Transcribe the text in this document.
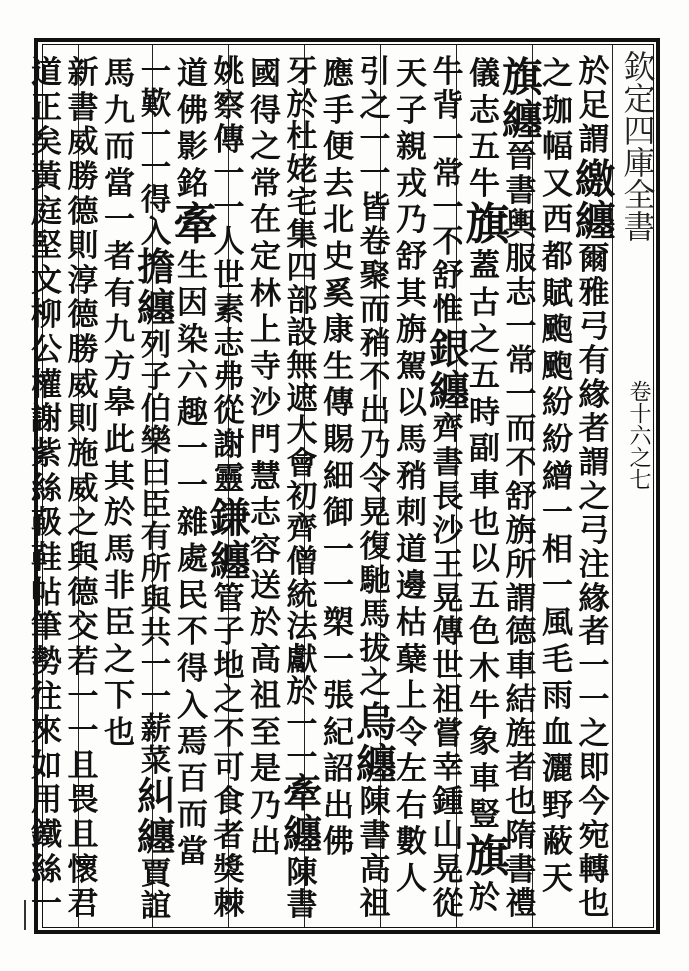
欽定四庫全書
卷十六之七
於
足
謂
繳
纏
爾
雅
弓
有
緣
者
謂
之
弓
注
緣
者
一
一
之
即
今
宛
轉
也
之
珈
幅
又
西
都
賦
颮
颮
紛
紛
繒
一
相
一
風
毛
雨
血
灑
野
蔽
天
旗
纏
晉
書
輿
服
志
一
常
一
而
不
舒
旃
所
謂
德
車
結
旌
者
也
隋
書
禮
儀
志
五
牛
旗
蓋
古
之
五
時
副
車
也
以
五
色
木
牛
象
車
豎
旗
於
牛
背
一
常
一
不
舒
惟
銀
纏
齊
書
長
沙
王
晃
傳
世
祖
嘗
幸
鍾
山
晃
從
天
子
親
戎
乃
舒
其
旃
駕
以
馬
矟
刺
道
邊
枯
蘖
上
令
左
右
數
人
引
之
一
一
皆
卷
聚
而
矟
不
出
乃
令
晃
復
馳
馬
拔
之
烏
纏
陳
書
高
祖
應
手
便
去
北
史
奚
康
生
傳
賜
細
御
一
一
槊
一
張
紀
詔
出
佛
牙
於
杜
姥
宅
集
四
部
設
無
遮
大
會
初
齊
僧
統
法
獻
於
一
一
牽
纏
陳
書
國
得
之
常
在
定
林
上
寺
沙
門
慧
志
容
送
於
高
祖
至
是
乃
出
姚
察
傳
一
一
人
世
素
志
弗
從
謝
靈
鎌
纏
管
子
地
之
不
可
食
者
獎
棘
道
佛
影
銘
牽
生
因
染
六
趣
一
一
雜
處
民
不
得
入
焉
百
而
當
一
歎
一
一
得
入
擔
纏
列
子
伯
樂
曰
臣
有
所
與
共
一
一
薪
菜
糾
纏
賈
誼
馬
九
而
當
一
者
有
九
方
皋
此
其
於
馬
非
臣
之
下
也
新
書
威
勝
德
則
淳
德
勝
威
則
施
威
之
與
德
交
若
一
一
且
畏
且
懷
君
道
正
矣
黃
庭
堅
文
柳
公
權
謝
紫
絲
靸
鞋
帖
筆
勢
往
來
如
用
鐵
絲
一
